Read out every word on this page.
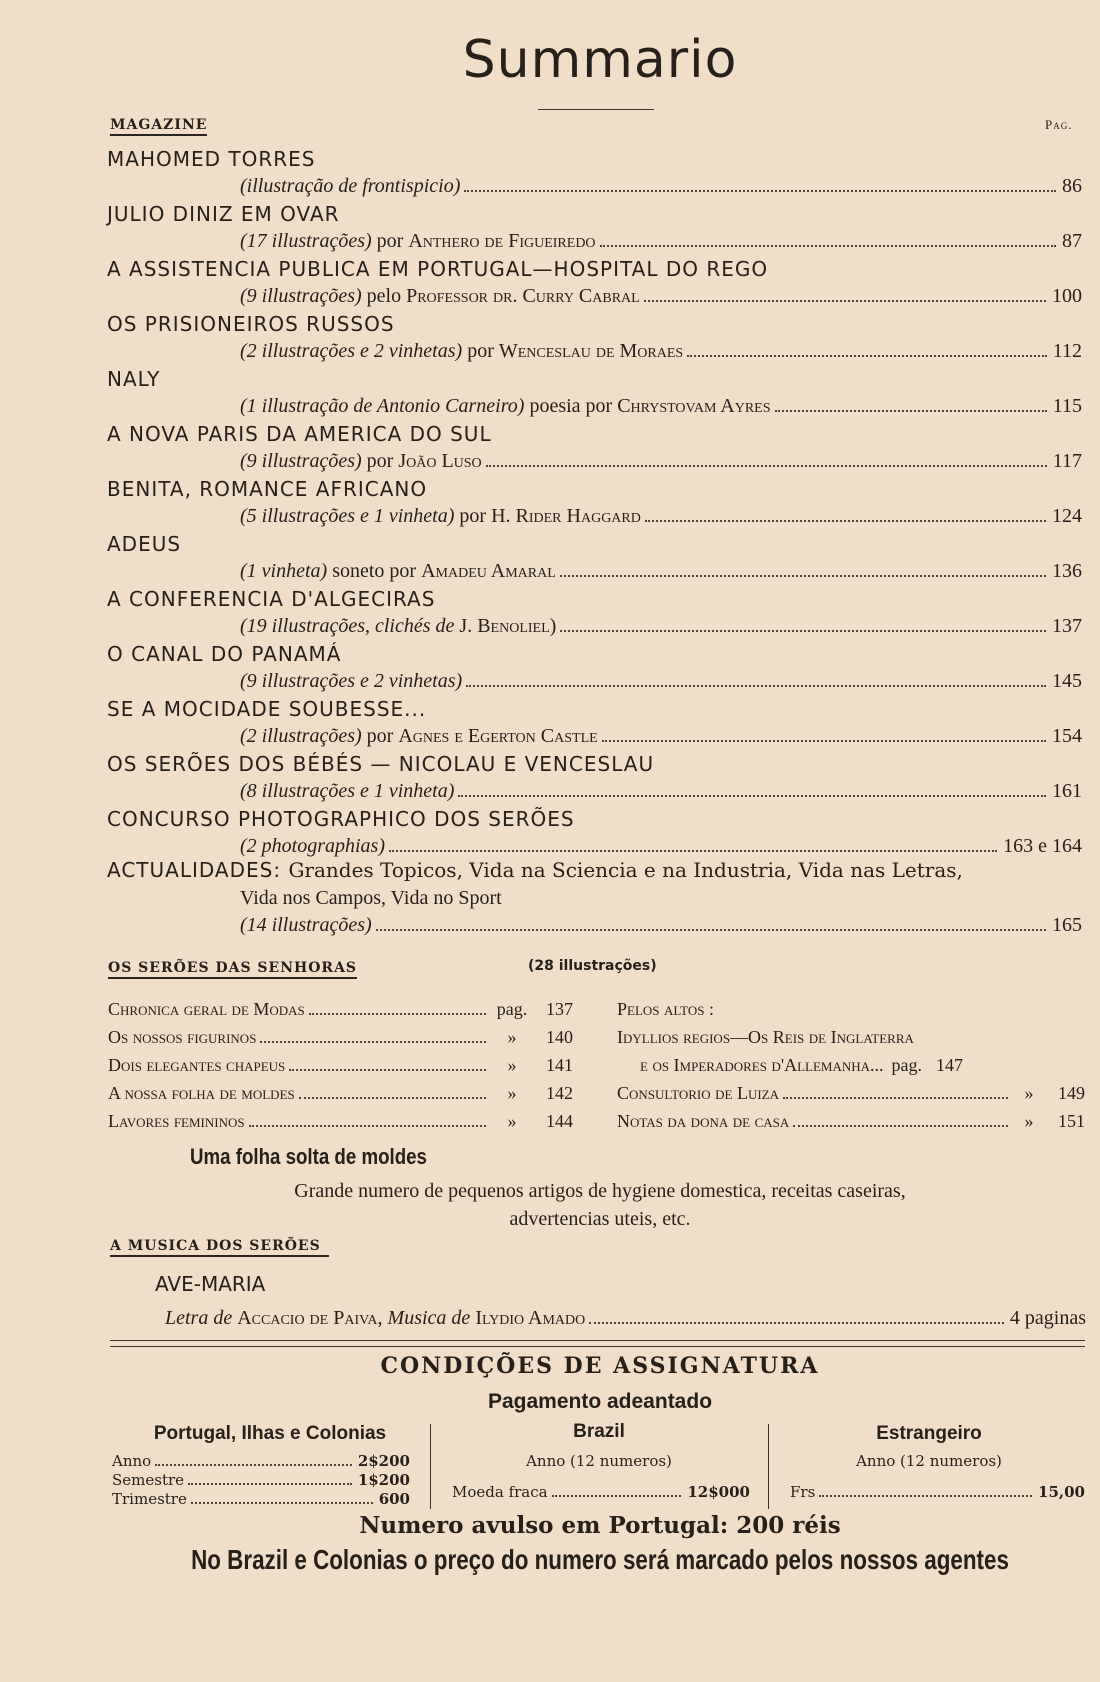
Summario
MAGAZINE	Pag.
MAHOMED TORRES
(illustração de frontispicio)	86
JULIO DINIZ EM OVAR
(17 illustrações) por Anthero de Figueiredo	87
A ASSISTENCIA PUBLICA EM PORTUGAL—HOSPITAL DO REGO
(9 illustrações) pelo Professor dr. Curry Cabral	100
OS PRISIONEIROS RUSSOS
(2 illustrações e 2 vinhetas) por Wenceslau de Moraes	112
NALY
(1 illustração de Antonio Carneiro) poesia por Chrystovam Ayres	115
A NOVA PARIS DA AMERICA DO SUL
(9 illustrações) por João Luso	117
BENITA, ROMANCE AFRICANO
(5 illustrações e 1 vinheta) por H. Rider Haggard	124
ADEUS
(1 vinheta) soneto por Amadeu Amaral	136
A CONFERENCIA D'ALGECIRAS
(19 illustrações, clichés de J. Benoliel)	137
O CANAL DO PANAMÁ
(9 illustrações e 2 vinhetas)	145
SE A MOCIDADE SOUBESSE...
(2 illustrações) por Agnes e Egerton Castle	154
OS SERÕES DOS BÉBÉS — NICOLAU E VENCESLAU
(8 illustrações e 1 vinheta)	161
CONCURSO PHOTOGRAPHICO DOS SERÕES
(2 photographias)	163 e 164
ACTUALIDADES: Grandes Topicos, Vida na Sciencia e na Industria, Vida nas Letras,
Vida nos Campos, Vida no Sport
(14 illustrações)	165
OS SERÕES DAS SENHORAS	(28 illustrações)
Chronica geral de Modas	pag. 137
Os nossos figurinos	»	140
Dois elegantes chapeus	»	141
A nossa folha de moldes	»	142
Lavores femininos	»	144
Pelos altos :
Idyllios regios—Os Reis de Inglaterra
e os Imperadores d'Allemanha... pag. 147
Consultorio de Luiza	»	149
Notas da dona de casa	»	151
Uma folha solta de moldes
Grande numero de pequenos artigos de hygiene domestica, receitas caseiras,
advertencias uteis, etc.
A MUSICA DOS SERÕES
AVE-MARIA
Letra de Accacio de Paiva, Musica de Ilydio Amado	4 paginas
CONDIÇÕES DE ASSIGNATURA
Pagamento adeantado
Portugal, Ilhas e Colonias	Brazil	Estrangeiro
Anno	2$200
Semestre	1$200
Trimestre	600
Anno (12 numeros)
Moeda fraca	12$000
Anno (12 numeros)
Frs	15,00
Numero avulso em Portugal: 200 réis
No Brazil e Colonias o preço do numero será marcado pelos nossos agentes
